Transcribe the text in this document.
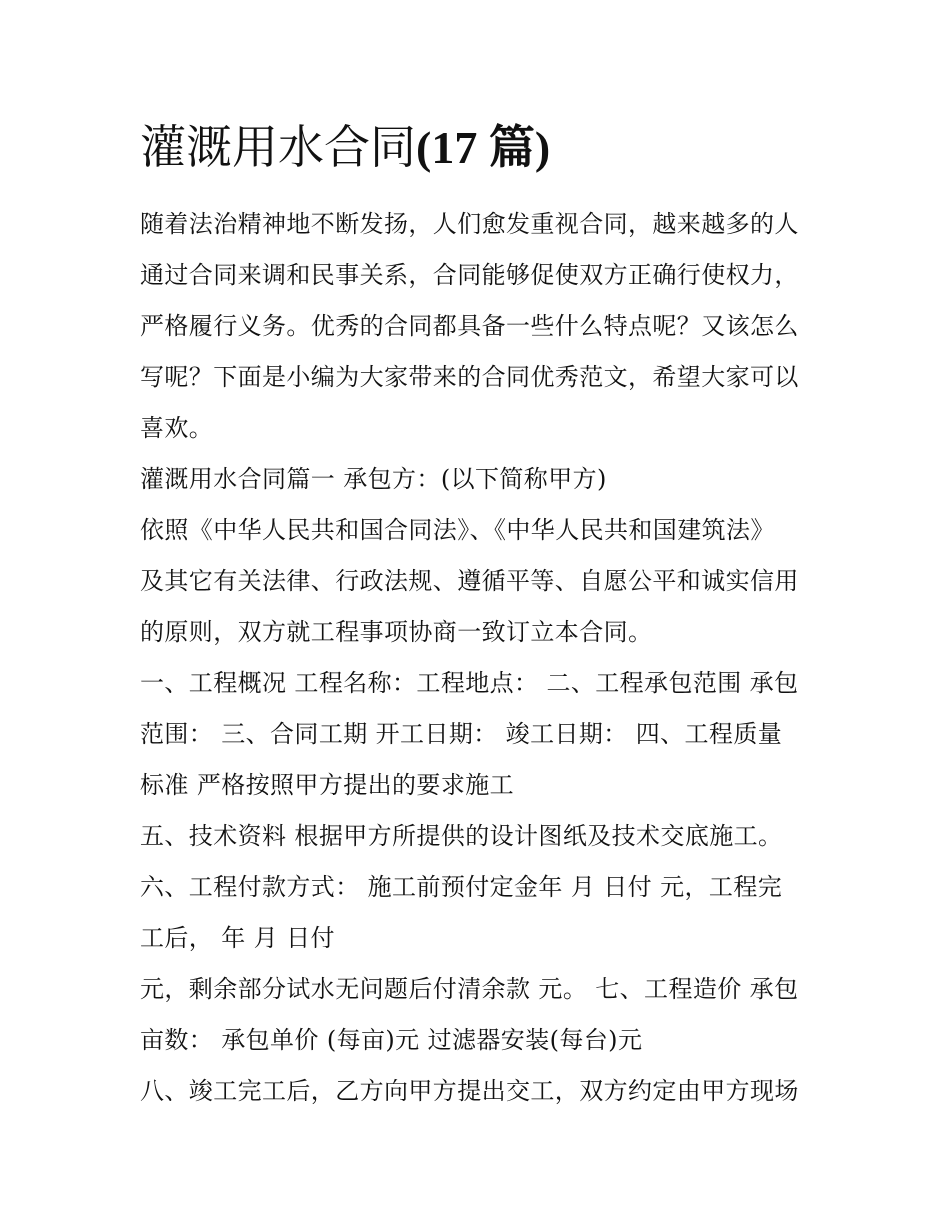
灌溉用水合同(17 篇)
随着法治精神地不断发扬，人们愈发重视合同，越来越多的人
通过合同来调和民事关系，合同能够促使双方正确行使权力，
严格履行义务。优秀的合同都具备一些什么特点呢？又该怎么
写呢？下面是小编为大家带来的合同优秀范文，希望大家可以
喜欢。
灌溉用水合同篇一 承包方：(以下简称甲方)
依照《中华人民共和国合同法》、《中华人民共和国建筑法》
及其它有关法律、行政法规、遵循平等、自愿公平和诚实信用
的原则，双方就工程事项协商一致订立本合同。
一、工程概况 工程名称：工程地点： 二、工程承包范围 承包
范围： 三、合同工期 开工日期： 竣工日期： 四、工程质量
标准 严格按照甲方提出的要求施工
五、技术资料 根据甲方所提供的设计图纸及技术交底施工。
六、工程付款方式： 施工前预付定金年 月 日付 元，工程完
工后， 年 月 日付
元，剩余部分试水无问题后付清余款 元。 七、工程造价 承包
亩数： 承包单价 (每亩)元 过滤器安装(每台)元
八、竣工完工后，乙方向甲方提出交工，双方约定由甲方现场
